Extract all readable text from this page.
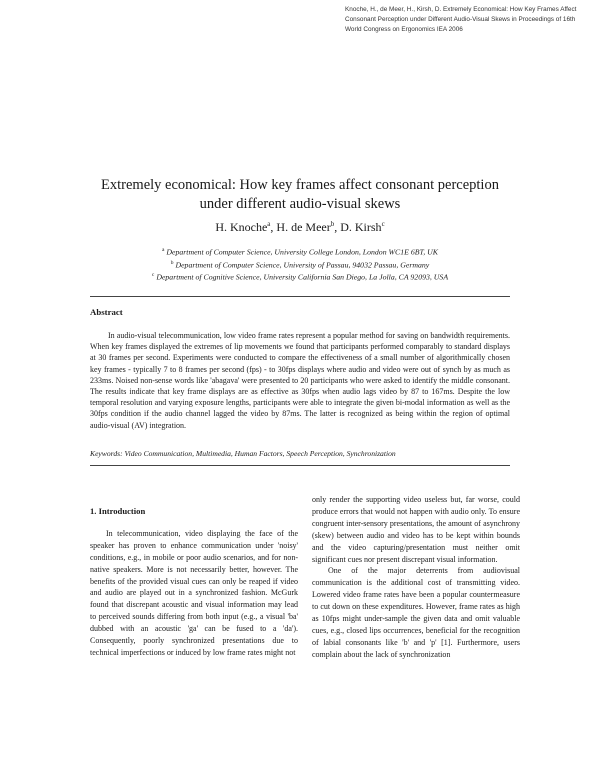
Knoche, H., de Meer, H., Kirsh, D. Extremely Economical: How Key Frames Affect
Consonant Perception under Different Audio-Visual Skews in Proceedings of 16th
World Congress on Ergonomics IEA 2006
Extremely economical: How key frames affect consonant perception
under different audio-visual skews
H. Knoche$^a$, H. de Meer$^b$, D. Kirsh$^c$
$^a$ Department of Computer Science, University College London, London WC1E 6BT, UK
$^b$ Department of Computer Science, University of Passau, 94032 Passau, Germany
$^c$ Department of Cognitive Science, University California San Diego, La Jolla, CA 92093, USA
Abstract
In audio-visual telecommunication, low video frame rates represent a popular method for saving on bandwidth requirements. When key frames displayed the extremes of lip movements we found that participants performed comparably to standard displays at 30 frames per second. Experiments were conducted to compare the effectiveness of a small number of algorithmically chosen key frames - typically 7 to 8 frames per second (fps) - to 30fps displays where audio and video were out of synch by as much as 233ms. Noised non-sense words like 'abagava' were presented to 20 participants who were asked to identify the middle consonant. The results indicate that key frame displays are as effective as 30fps when audio lags video by 87 to 167ms. Despite the low temporal resolution and varying exposure lengths, participants were able to integrate the given bi-modal information as well as the 30fps condition if the audio channel lagged the video by 87ms. The latter is recognized as being within the region of optimal audio-visual (AV) integration.
Keywords: Video Communication, Multimedia, Human Factors, Speech Perception, Synchronization
1. Introduction

In telecommunication, video displaying the face of the speaker has proven to enhance communication under 'noisy' conditions, e.g., in mobile or poor audio scenarios, and for non-native speakers. More is not necessarily better, however. The benefits of the provided visual cues can only be reaped if video and audio are played out in a synchronized fashion. McGurk found that discrepant acoustic and visual information may lead to perceived sounds differing from both input (e.g., a visual 'ba' dubbed with an acoustic 'ga' can be fused to a 'da'). Consequently, poorly synchronized presentations due to technical imperfections or induced by low frame rates might not

only render the supporting video useless but, far worse, could produce errors that would not happen with audio only. To ensure congruent inter-sensory presentations, the amount of asynchrony (skew) between audio and video has to be kept within bounds and the video capturing/presentation must neither omit significant cues nor present discrepant visual information.

One of the major deterrents from audiovisual communication is the additional cost of transmitting video. Lowered video frame rates have been a popular countermeasure to cut down on these expenditures. However, frame rates as high as 10fps might under-sample the given data and omit valuable cues, e.g., closed lips occurrences, beneficial for the recognition of labial consonants like 'b' and 'p' [1]. Furthermore, users complain about the lack of synchronization
